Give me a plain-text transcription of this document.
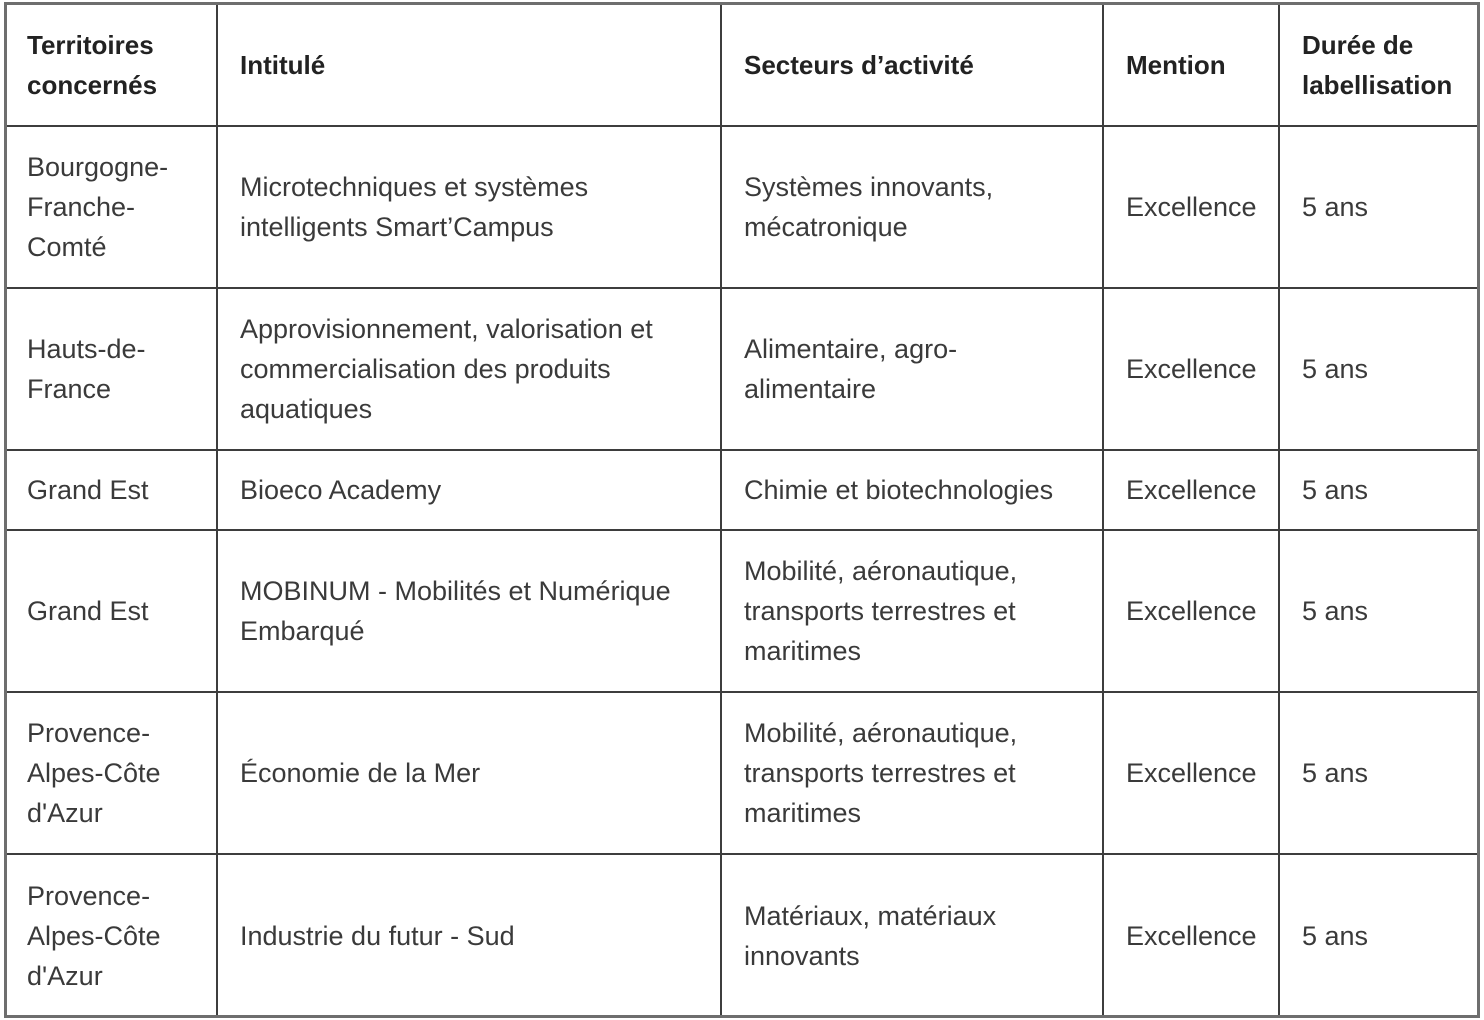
Territoires concernés	Intitulé	Secteurs d’activité	Mention	Durée de labellisation
Bourgogne-Franche-Comté	Microtechniques et systèmes intelligents Smart’Campus	Systèmes innovants, mécatronique	Excellence	5 ans
Hauts-de-France	Approvisionnement, valorisation et commercialisation des produits aquatiques	Alimentaire, agro-alimentaire	Excellence	5 ans
Grand Est	Bioeco Academy	Chimie et biotechnologies	Excellence	5 ans
Grand Est	MOBINUM - Mobilités et Numérique Embarqué	Mobilité, aéronautique, transports terrestres et maritimes	Excellence	5 ans
Provence-Alpes-Côte d'Azur	Économie de la Mer	Mobilité, aéronautique, transports terrestres et maritimes	Excellence	5 ans
Provence-Alpes-Côte d'Azur	Industrie du futur - Sud	Matériaux, matériaux innovants	Excellence	5 ans
